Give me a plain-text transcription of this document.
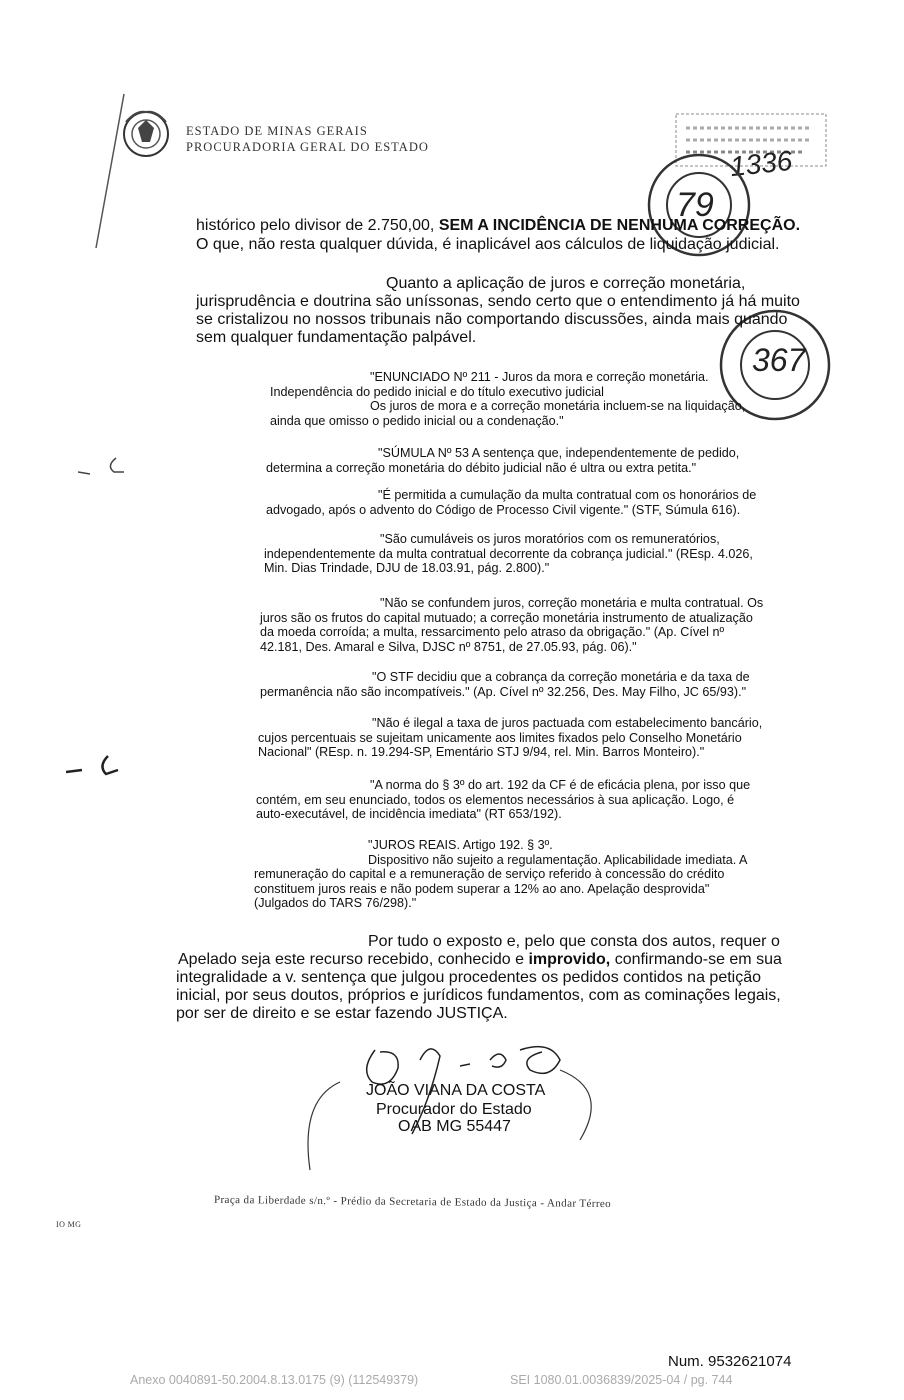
ESTADO DE MINAS GERAIS
PROCURADORIA GERAL DO ESTADO	1336
79
367
histórico pelo divisor de 2.750,00, SEM A INCIDÊNCIA DE NENHUMA CORREÇÃO.
O que, não resta qualquer dúvida, é inaplicável aos cálculos de liquidação judicial.
Quanto a aplicação de juros e correção monetária,
jurisprudência e doutrina são uníssonas, sendo certo que o entendimento já há muito
se cristalizou no nossos tribunais não comportando discussões, ainda mais quando
sem qualquer fundamentação palpável.
"ENUNCIADO Nº 211 - Juros da mora e correção monetária.
Independência do pedido inicial e do título executivo judicial
Os juros de mora e a correção monetária incluem-se na liquidação,
ainda que omisso o pedido inicial ou a condenação."
"SÚMULA Nº 53 A sentença que, independentemente de pedido,
determina a correção monetária do débito judicial não é ultra ou extra petita."
"É permitida a cumulação da multa contratual com os honorários de
advogado, após o advento do Código de Processo Civil vigente." (STF, Súmula 616).
"São cumuláveis os juros moratórios com os remuneratórios,
independentemente da multa contratual decorrente da cobrança judicial." (REsp. 4.026,
Min. Dias Trindade, DJU de 18.03.91, pág. 2.800)."
"Não se confundem juros, correção monetária e multa contratual. Os
juros são os frutos do capital mutuado; a correção monetária instrumento de atualização
da moeda corroída; a multa, ressarcimento pelo atraso da obrigação." (Ap. Cível nº
42.181, Des. Amaral e Silva, DJSC nº 8751, de 27.05.93, pág. 06)."
"O STF decidiu que a cobrança da correção monetária e da taxa de
permanência não são incompatíveis." (Ap. Cível nº 32.256, Des. May Filho, JC 65/93)."
"Não é ilegal a taxa de juros pactuada com estabelecimento bancário,
cujos percentuais se sujeitam unicamente aos limites fixados pelo Conselho Monetário
Nacional" (REsp. n. 19.294-SP, Ementário STJ 9/94, rel. Min. Barros Monteiro)."
"A norma do § 3º do art. 192 da CF é de eficácia plena, por isso que
contém, em seu enunciado, todos os elementos necessários à sua aplicação. Logo, é
auto-executável, de incidência imediata" (RT 653/192).
"JUROS REAIS. Artigo 192. § 3º.
Dispositivo não sujeito a regulamentação. Aplicabilidade imediata. A
remuneração do capital e a remuneração de serviço referido à concessão do crédito
constituem juros reais e não podem superar a 12% ao ano. Apelação desprovida"
(Julgados do TARS 76/298)."
Por tudo o exposto e, pelo que consta dos autos, requer o
Apelado seja este recurso recebido, conhecido e improvido, confirmando-se em sua
integralidade a v. sentença que julgou procedentes os pedidos contidos na petição
inicial, por seus doutos, próprios e jurídicos fundamentos, com as cominações legais,
por ser de direito e se estar fazendo JUSTIÇA.
JOÃO VIANA DA COSTA
Procurador do Estado
OAB MG 55447
Praça da Liberdade s/n.º - Prédio da Secretaria de Estado da Justiça - Andar Térreo
IO MG
Num. 9532621074
Anexo 0040891-50.2004.8.13.0175 (9) (112549379)	SEI 1080.01.0036839/2025-04 / pg. 744
